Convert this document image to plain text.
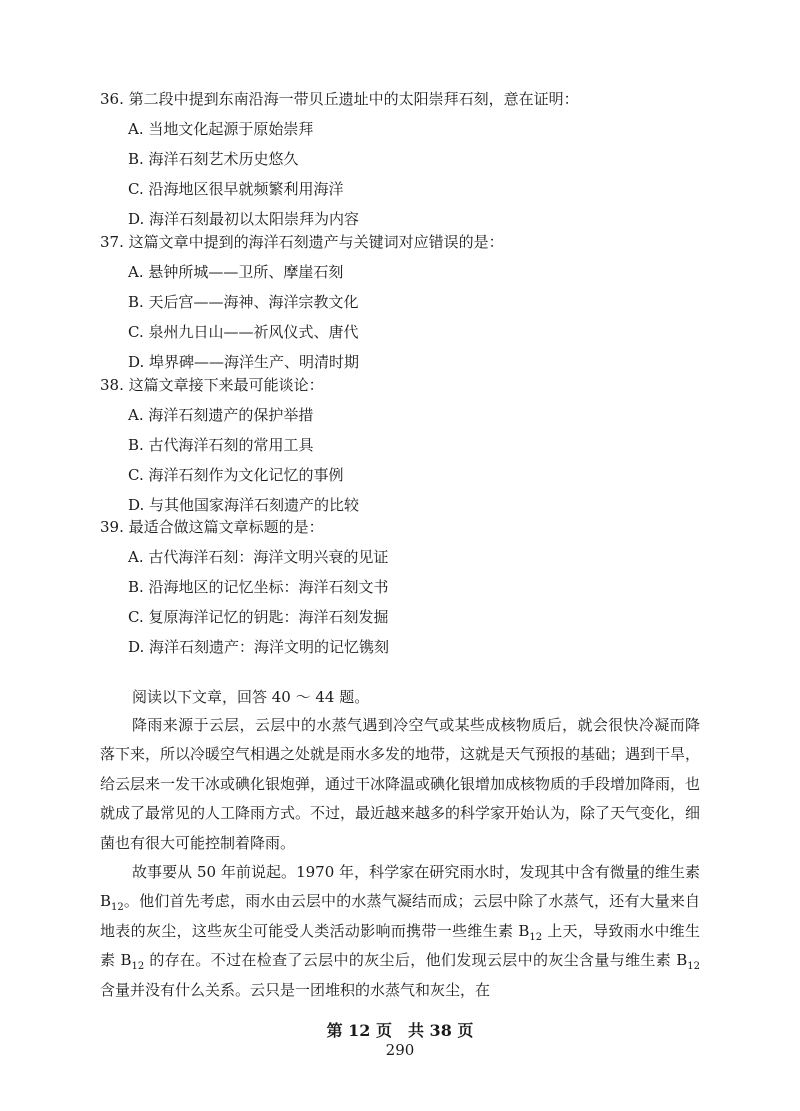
36. 第二段中提到东南沿海一带贝丘遗址中的太阳崇拜石刻，意在证明：
A. 当地文化起源于原始崇拜
B. 海洋石刻艺术历史悠久
C. 沿海地区很早就频繁利用海洋
D. 海洋石刻最初以太阳崇拜为内容
37. 这篇文章中提到的海洋石刻遗产与关键词对应错误的是：
A. 悬钟所城——卫所、摩崖石刻
B. 天后宫——海神、海洋宗教文化
C. 泉州九日山——祈风仪式、唐代
D. 埠界碑——海洋生产、明清时期
38. 这篇文章接下来最可能谈论：
A. 海洋石刻遗产的保护举措
B. 古代海洋石刻的常用工具
C. 海洋石刻作为文化记忆的事例
D. 与其他国家海洋石刻遗产的比较
39. 最适合做这篇文章标题的是：
A. 古代海洋石刻：海洋文明兴衰的见证
B. 沿海地区的记忆坐标：海洋石刻文书
C. 复原海洋记忆的钥匙：海洋石刻发掘
D. 海洋石刻遗产：海洋文明的记忆镌刻
阅读以下文章，回答 40 ～ 44 题。

降雨来源于云层，云层中的水蒸气遇到冷空气或某些成核物质后，就会很快冷凝而降落下来，所以冷暖空气相遇之处就是雨水多发的地带，这就是天气预报的基础；遇到干旱，给云层来一发干冰或碘化银炮弹，通过干冰降温或碘化银增加成核物质的手段增加降雨，也就成了最常见的人工降雨方式。不过，最近越来越多的科学家开始认为，除了天气变化，细菌也有很大可能控制着降雨。

故事要从 50 年前说起。1970 年，科学家在研究雨水时，发现其中含有微量的维生素 $B_{12}$。他们首先考虑，雨水由云层中的水蒸气凝结而成；云层中除了水蒸气，还有大量来自地表的灰尘，这些灰尘可能受人类活动影响而携带一些维生素 $B_{12}$ 上天，导致雨水中维生素 $B_{12}$ 的存在。不过在检查了云层中的灰尘后，他们发现云层中的灰尘含量与维生素 $B_{12}$ 含量并没有什么关系。云只是一团堆积的水蒸气和灰尘，在

第 12 页　共 38 页
290
